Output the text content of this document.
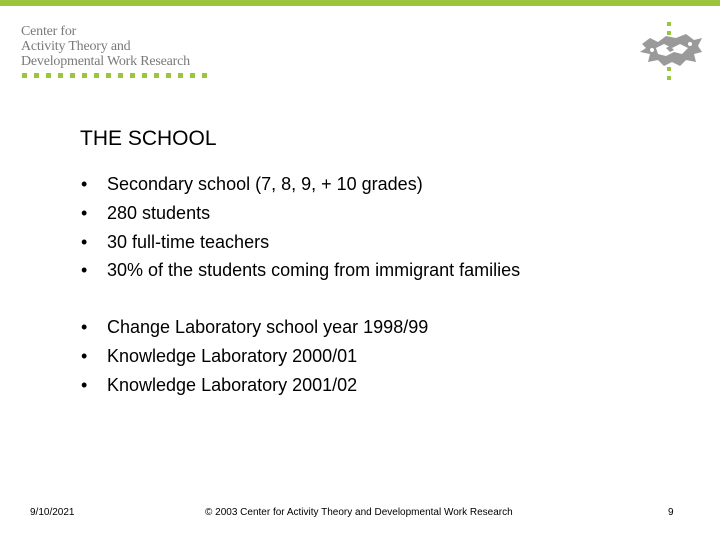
Center for
Activity Theory and
Developmental Work Research
THE SCHOOL
• Secondary school (7, 8, 9, + 10 grades)
• 280 students
• 30 full-time teachers
• 30% of the students coming from immigrant families
• Change Laboratory school year 1998/99
• Knowledge Laboratory 2000/01
• Knowledge Laboratory 2001/02
9/10/2021	© 2003 Center for Activity Theory and Developmental Work Research	9
